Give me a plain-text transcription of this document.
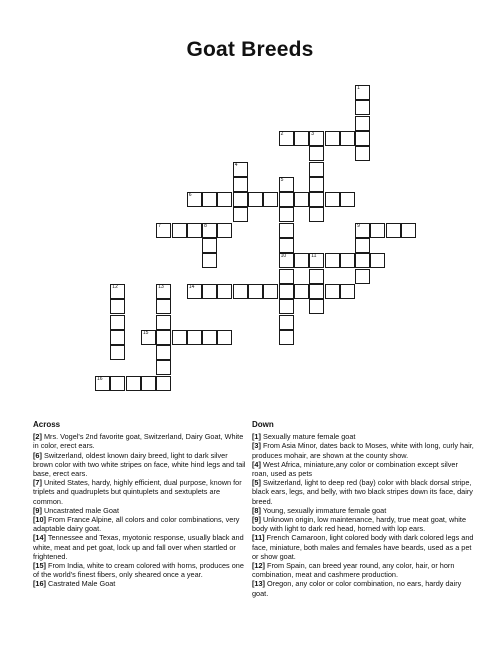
Goat Breeds
1
2	3
4
5
10
6
7	8	9
11
12	13	14
15
16
Across

[2] Mrs. Vogel's 2nd favorite goat, Switzerland, Dairy Goat, White in color, erect ears.

[6] Switzerland, oldest known dairy breed, light to dark silver brown color with two white stripes on face, white hind legs and tail base, erect ears.

[7] United States, hardy, highly efficient, dual purpose, known for triplets and quadruplets but quintuplets and sextuplets are common.

[9] Uncastrated male Goat

[10] From France Alpine, all colors and color combinations, very adaptable dairy goat.

[14] Tennessee and Texas, myotonic response, usually black and white, meat and pet goat, lock up and fall over when startled or frightened.

[15] From India, white to cream colored with horns, produces one of the world's finest fibers, only sheared once a year.

[16] Castrated Male Goat

Down

[1] Sexually mature female goat

[3] From Asia Minor, dates back to Moses, white with long, curly hair, produces mohair, are shown at the county show.

[4] West Africa, miniature,any color or combination except silver roan, used as pets

[5] Switzerland, light to deep red (bay) color with black dorsal stripe, black ears, legs, and belly, with two black stripes down its face, dairy breed.

[8] Young, sexually immature female goat

[9] Unknown origin, low maintenance, hardy, true meat goat, white body with light to dark red head, horned with lop ears.

[11] French Camaroon, light colored body with dark colored legs and face, miniature, both males and females have beards, used as a pet or show goat.

[12] From Spain, can breed year round, any color, hair, or horn combination, meat and cashmere production.

[13] Oregon, any color or color combination, no ears, hardy dairy goat.
